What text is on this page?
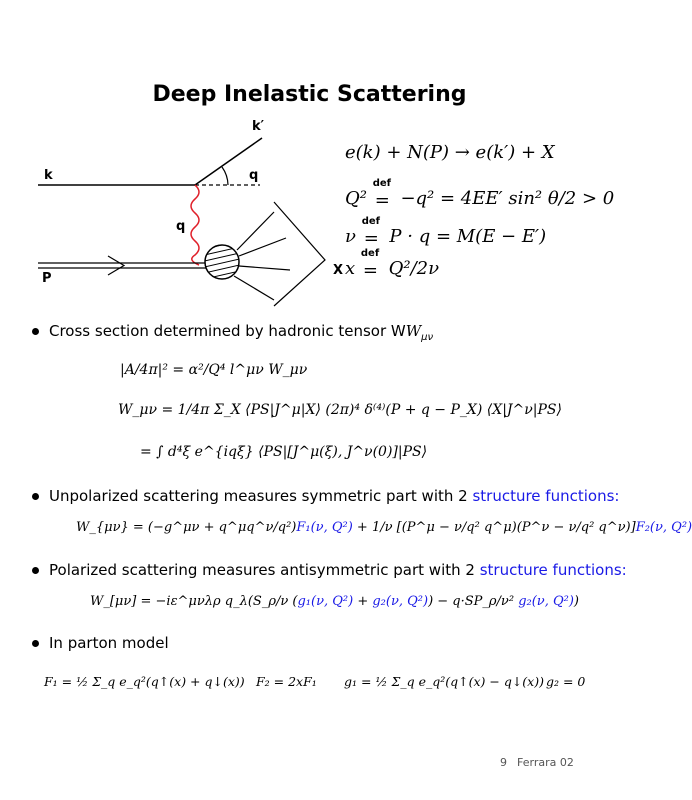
Deep Inelastic Scattering
k
k′
q
q
P
X
e(k) + N(P) → e(k′) + X
Q²
def
= −q² = 4EE′ sin² θ/2 > 0
ν
def
= P · q = M(E − E′)
x
def
= Q²/2ν
Cross section determined by hadronic tensor $WW_{\mu\nu}$
|A/4π|² = α²/Q⁴ l^μν W_μν
W_μν = 1/4π Σ_X ⟨PS|J^μ|X⟩ (2π)⁴ δ⁽⁴⁾(P + q − P_X) ⟨X|J^ν|PS⟩
= ∫ d⁴ξ e^{iqξ} ⟨PS|[J^μ(ξ), J^ν(0)]|PS⟩
Unpolarized scattering measures symmetric part with 2 structure functions:
W_{μν} = (−g^μν + q^μq^ν/q²)F₁(ν, Q²) + 1/ν [(P^μ − ν/q² q^μ)(P^ν − ν/q² q^ν)]F₂(ν, Q²)
Polarized scattering measures antisymmetric part with 2 structure functions:
W_[μν] = −iε^μνλρ q_λ(S_ρ/ν (g₁(ν, Q²) + g₂(ν, Q²)) − q·SP_ρ/ν² g₂(ν, Q²))
In parton model
F₁ = ½ Σ_q e_q²(q↑(x) + q↓(x)) F₂ = 2xF₁ g₁ = ½ Σ_q e_q²(q↑(x) − q↓(x)) g₂ = 0
9 Ferrara 02
